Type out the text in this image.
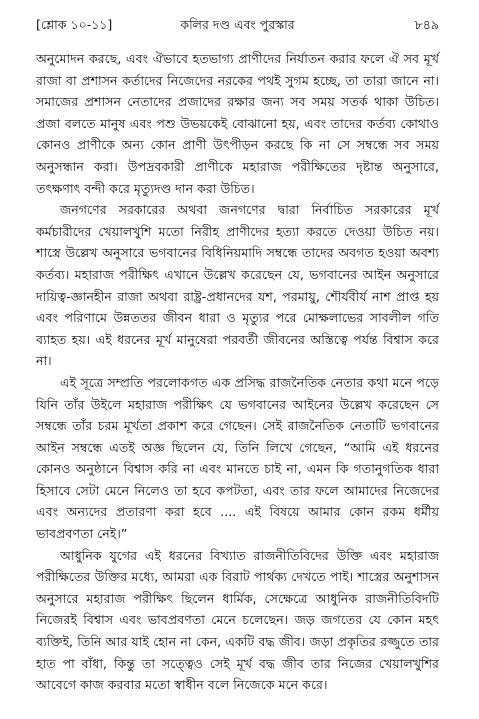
[শ্লোক ১০-১১]	কলির দণ্ড এবং পুরস্কার	৮৪৯

অনুমোদন করছে, এবং ঐভাবে হতভাগ্য প্রাণীদের নির্যাতন করার ফলে ঐ সব মূর্খ রাজা বা প্রশাসন কর্তাদের নিজেদের নরকের পথই সুগম হচ্ছে, তা তারা জানে না। সমাজের প্রশাসন নেতাদের প্রজাদের রক্ষার জন্য সব সময় সতর্ক থাকা উচিত। প্রজা বলতে মানুষ এবং পশু উভয়কেই বোঝানো হয়, এবং তাদের কর্তব্য কোথাও কোনও প্রাণীকে অন্য কোন প্রাণী উৎপীড়ন করছে কি না সে সম্বন্ধে সব সময় অনুসন্ধান করা। উপদ্রবকারী প্রাণীকে মহারাজ পরীক্ষিতের দৃষ্টান্ত অনুসারে, তৎক্ষণাৎ বন্দী করে মৃত্যুদণ্ড দান করা উচিত।

জনগণের সরকারের অথবা জনগণের দ্বারা নির্বাচিত সরকারের মূর্খ কর্মচারীদের খেয়ালখুশি মতো নিরীহ প্রাণীদের হত্যা করতে দেওয়া উচিত নয়। শাস্ত্রে উল্লেখ অনুসারে ভগবানের বিধিনিয়মাদি সম্বন্ধে তাদের অবগত হওয়া অবশ্য কর্তব্য। মহারাজ পরীক্ষিৎ এখানে উল্লেখ করেছেন যে, ভগবানের আইন অনুসারে দায়িত্ব-জ্ঞানহীন রাজা অথবা রাষ্ট্র-প্রধানদের যশ, পরমায়ু, শৌর্যবীর্য নাশ প্রাপ্ত হয় এবং পরিণামে উন্নততর জীবন ধারা ও মৃত্যুর পরে মোক্ষলাভের সাবলীল গতি ব্যাহত হয়। এই ধরনের মূর্খ মানুষেরা পরবর্তী জীবনের অস্তিত্বে পর্যন্ত বিশ্বাস করে না।

এই সূত্রে সম্প্রতি পরলোকগত এক প্রসিদ্ধ রাজনৈতিক নেতার কথা মনে পড়ে যিনি তাঁর উইলে মহারাজ পরীক্ষিৎ যে ভগবানের আইনের উল্লেখ করেছেন সে সম্বন্ধে তাঁর চরম মূর্খতা প্রকাশ করে গেছেন। সেই রাজনৈতিক নেতাটি ভগবানের আইন সম্বন্ধে এতই অজ্ঞ ছিলেন যে, তিনি লিখে গেছেন, “আমি এই ধরনের কোনও অনুষ্ঠানে বিশ্বাস করি না এবং মানতে চাই না, এমন কি গতানুগতিক ধারা হিসাবে সেটা মেনে নিলেও তা হবে কপটতা, এবং তার ফলে আমাদের নিজেদের এবং অন্যদের প্রতারণা করা হবে .... এই বিষয়ে আমার কোন রকম ধর্মীয় ভাবপ্রবণতা নেই।”

আধুনিক যুগের এই ধরনের বিখ্যাত রাজনীতিবিদের উক্তি এবং মহারাজ পরীক্ষিতের উক্তির মধ্যে, আমরা এক বিরাট পার্থক্য দেখতে পাই। শাস্ত্রের অনুশাসন অনুসারে মহারাজ পরীক্ষিৎ ছিলেন ধার্মিক, সেক্ষেত্রে আধুনিক রাজনীতিবিদটি নিজেরই বিশ্বাস এবং ভাবপ্রবণতা মেনে চলেছেন। জড় জগতের যে কোন মহৎ ব্যক্তিই, তিনি আর যাই হোন না কেন, একটি বদ্ধ জীব। জড়া প্রকৃতির রজ্জুতে তার হাত পা বাঁধা, কিন্তু তা সত্ত্বেও সেই মূর্খ বদ্ধ জীব তার নিজের খেয়ালখুশির আবেগে কাজ করবার মতো স্বাধীন বলে নিজেকে মনে করে।
